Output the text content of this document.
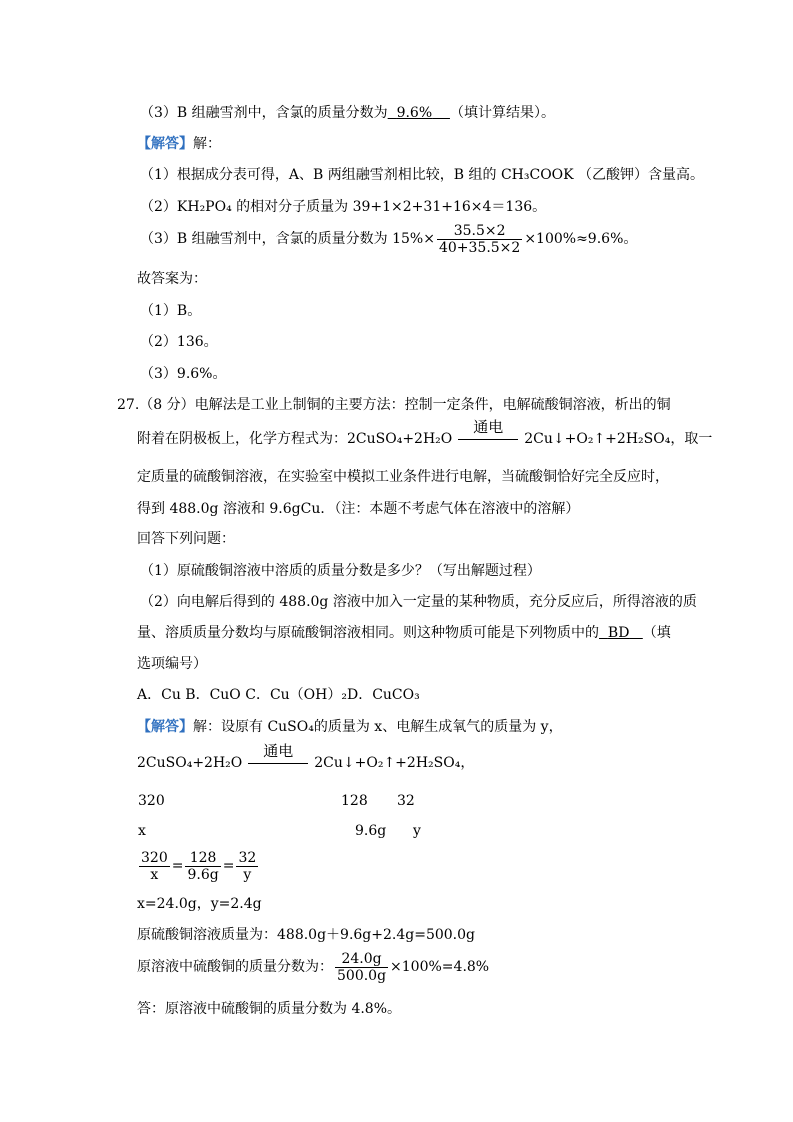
（3）B 组融雪剂中，含氯的质量分数为 9.6% （填计算结果）。
【解答】解：
（1）根据成分表可得，A、B 两组融雪剂相比较，B 组的 CH₃COOK （乙酸钾）含量高。
（2）KH₂PO₄ 的相对分子质量为 39+1×2+31+16×4＝136。
（3）B 组融雪剂中，含氯的质量分数为 $15\%\times \frac{35.5\times 2}{40+35.5\times 2} \times 100\%\approx 9.6\%$。
故答案为：
（1）B。
（2）136。
（3）9.6%。
27.（8 分）电解法是工业上制铜的主要方法：控制一定条件，电解硫酸铜溶液，析出的铜
附着在阴极板上，化学方程式为：2CuSO₄+2H₂O
通电
2Cu↓+O₂↑+2H₂SO₄，取一
定质量的硫酸铜溶液，在实验室中模拟工业条件进行电解，当硫酸铜恰好完全反应时，
得到 488.0g 溶液和 9.6gCu．（注：本题不考虑气体在溶液中的溶解）
回答下列问题：
（1）原硫酸铜溶液中溶质的质量分数是多少？（写出解题过程）
（2）向电解后得到的 488.0g 溶液中加入一定量的某种物质，充分反应后，所得溶液的质
量、溶质质量分数均与原硫酸铜溶液相同。则这种物质可能是下列物质中的 BD （填
选项编号）
A．Cu B．CuO C．Cu（OH）₂D．CuCO₃
【解答】解：设原有 CuSO₄的质量为 x、电解生成氧气的质量为 y，
2CuSO₄+2H₂O
通电
2Cu↓+O₂↑+2H₂SO₄，
320	128 32
x	9.6g y
$\frac{320}{x} = \frac{128}{9.6g} = \frac{32}{y}$
x=24.0g，y=2.4g
原硫酸铜溶液质量为：488.0g＋9.6g+2.4g=500.0g
原溶液中硫酸铜的质量分数为： $\frac{24.0g}{500.0g} \times 100\%=4.8\%$
答：原溶液中硫酸铜的质量分数为 4.8%。
